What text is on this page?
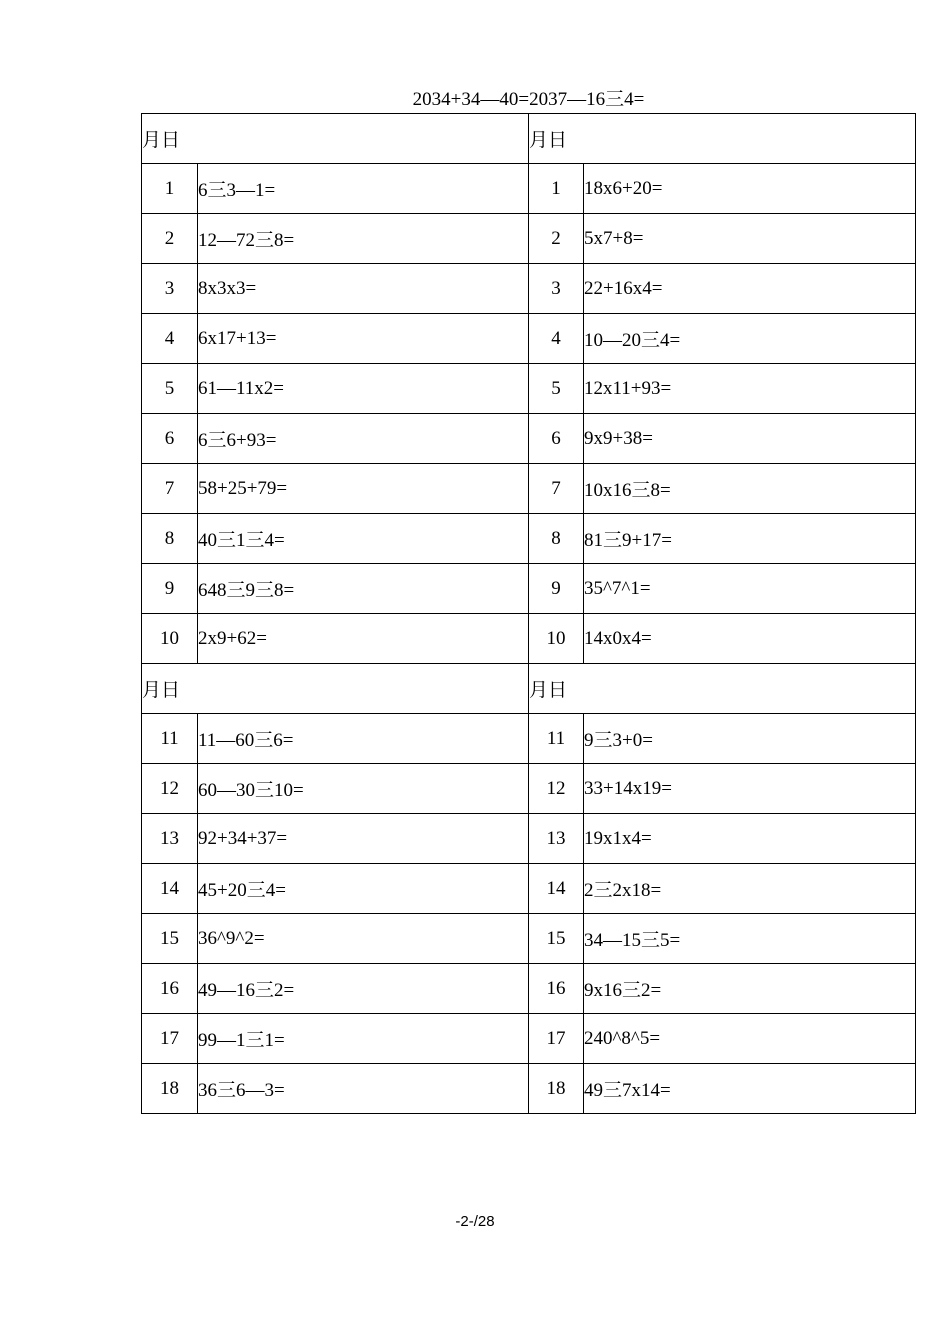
2034+34—40=2037—16三4=
月日		月日	
1	6三3—1=	1	18x6+20=
2	12—72三8=	2	5x7+8=
3	8x3x3=	3	22+16x4=
4	6x17+13=	4	10—20三4=
5	61—11x2=	5	12x11+93=
6	6三6+93=	6	9x9+38=
7	58+25+79=	7	10x16三8=
8	40三1三4=	8	81三9+17=
9	648三9三8=	9	35^7^1=
10	2x9+62=	10	14x0x4=
月日		月日	
11	11—60三6=	11	9三3+0=
12	60—30三10=	12	33+14x19=
13	92+34+37=	13	19x1x4=
14	45+20三4=	14	2三2x18=
15	36^9^2=	15	34—15三5=
16	49—16三2=	16	9x16三2=
17	99—1三1=	17	240^8^5=
18	36三6—3=	18	49三7x14=
-2-/28
